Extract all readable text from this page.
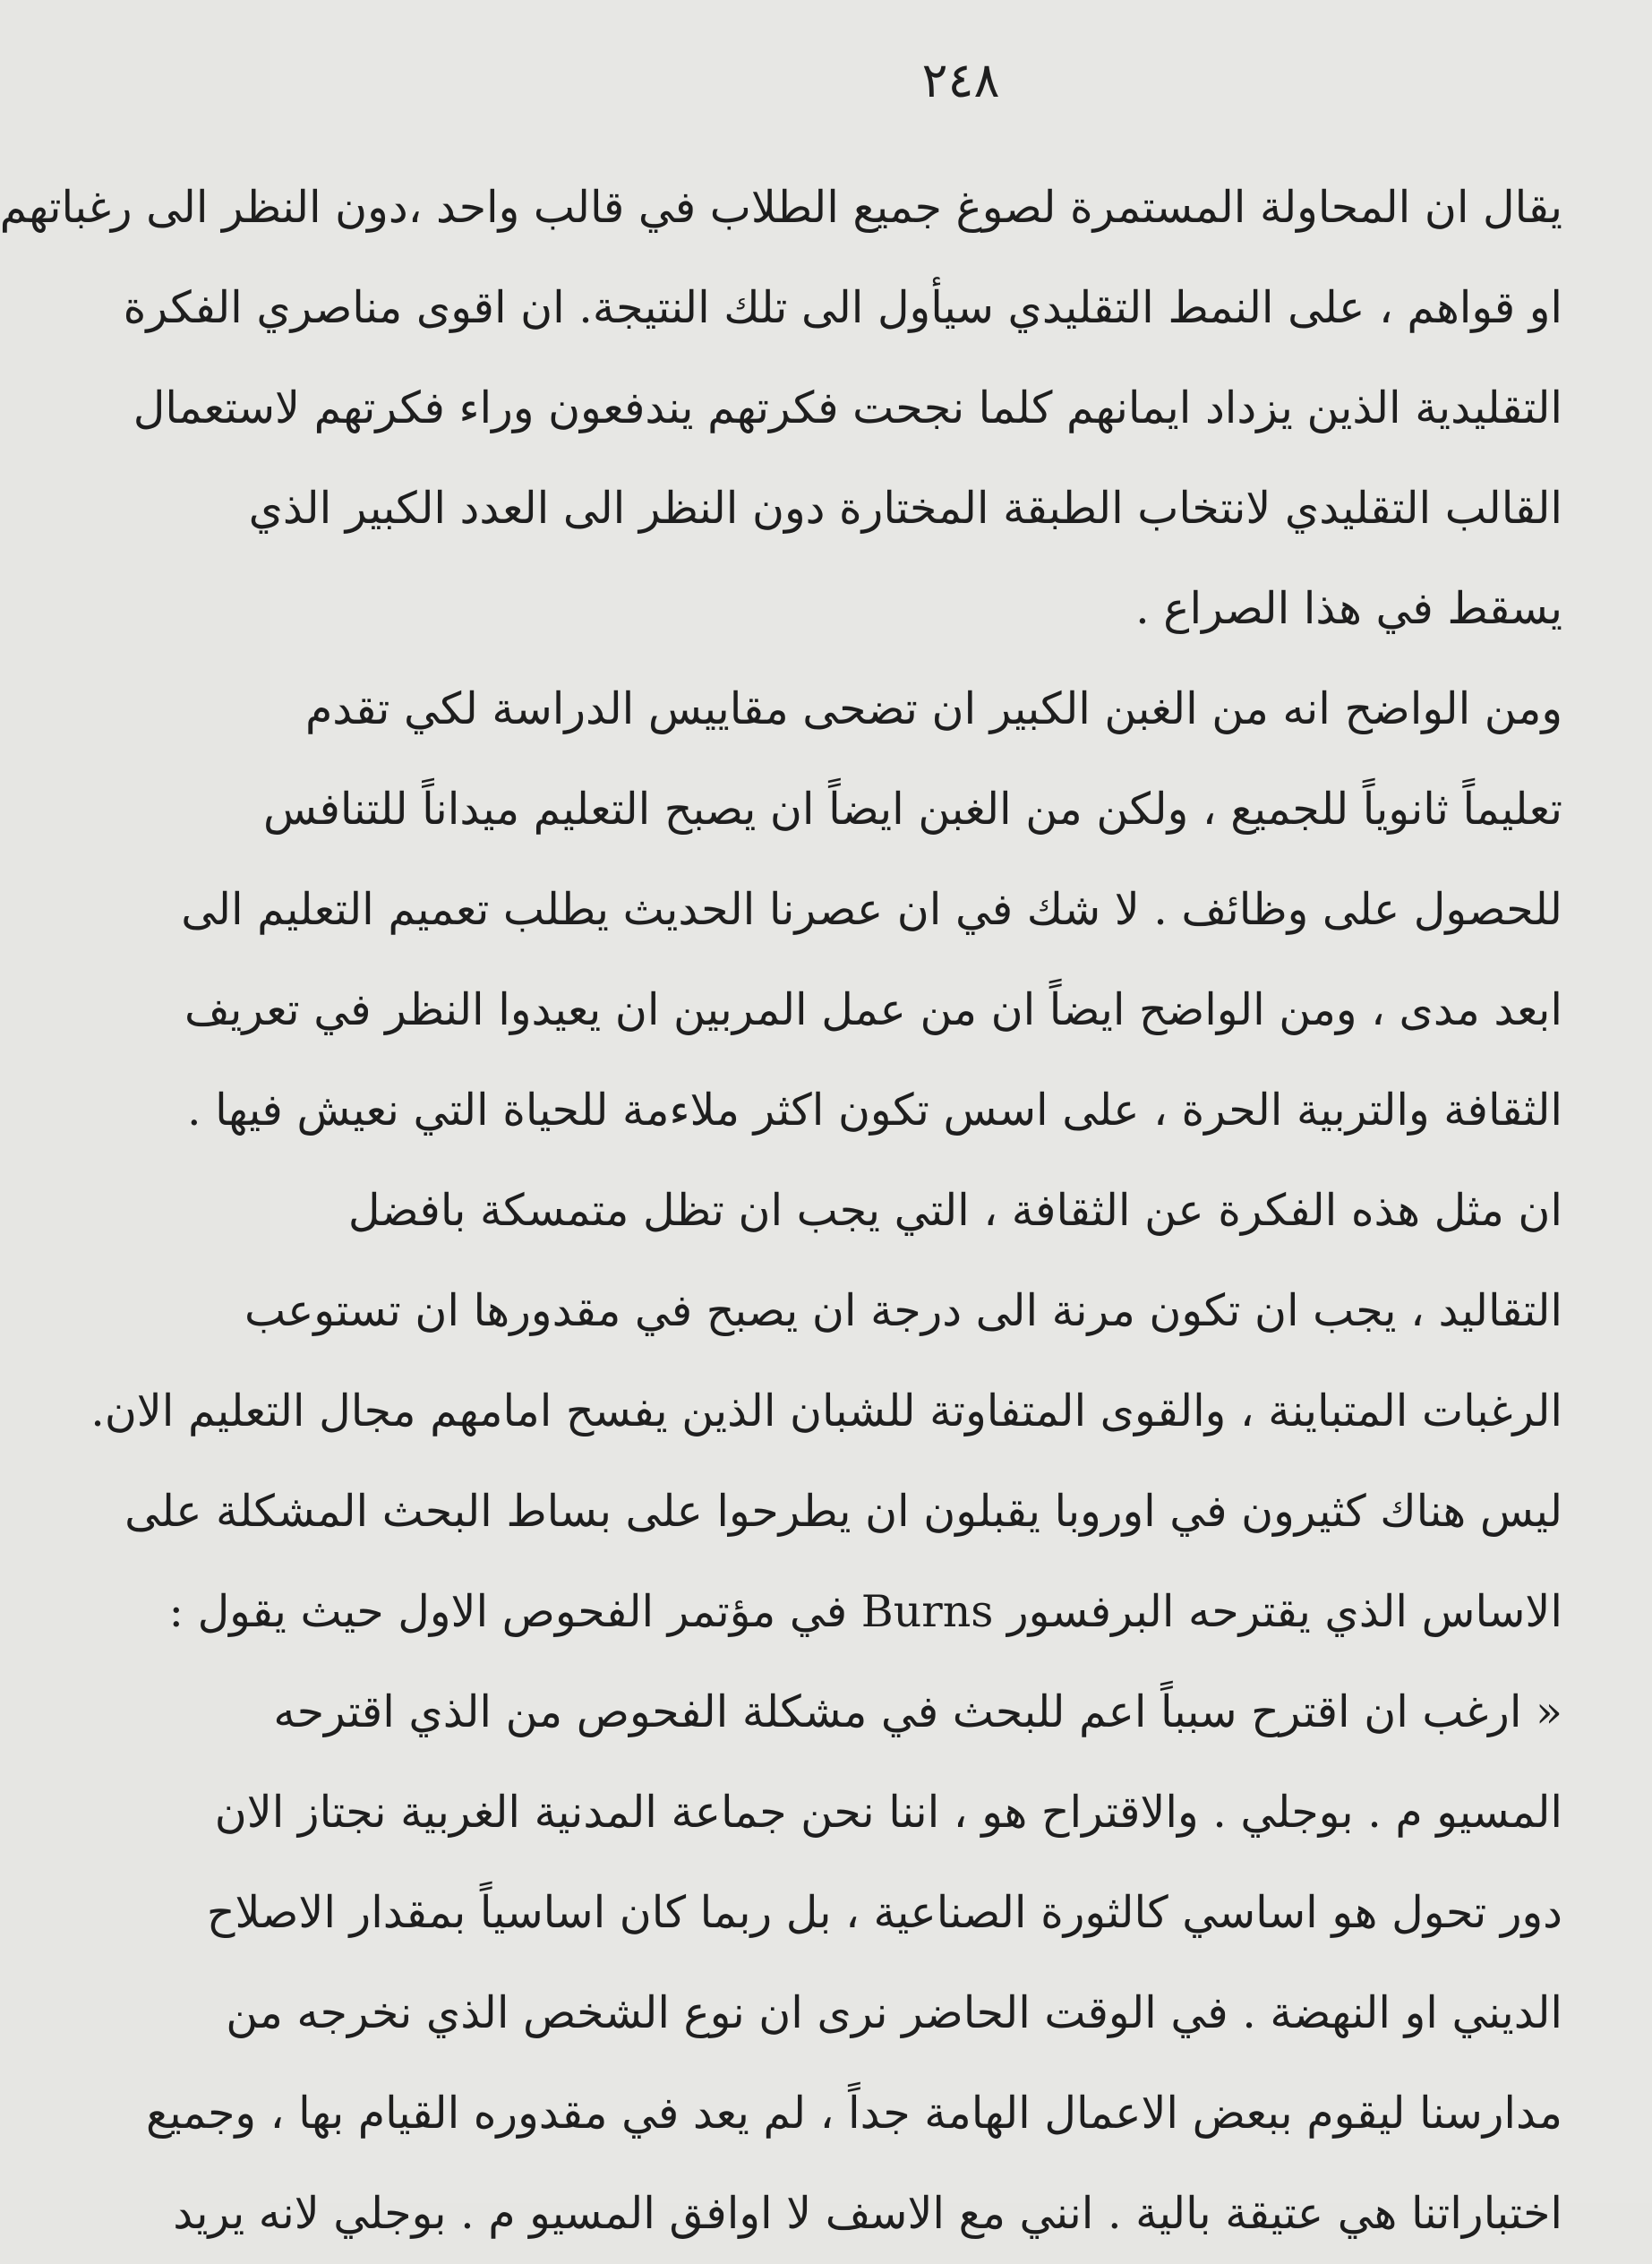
٢٤٨
يقال ان المحاولة المستمرة لصوغ جميع الطلاب في قالب واحد ،دون النظر الى رغباتهم
او قواهم ، على النمط التقليدي سيأول الى تلك النتيجة. ان اقوى مناصري الفكرة
التقليدية الذين يزداد ايمانهم كلما نجحت فكرتهم يندفعون وراء فكرتهم لاستعمال
القالب التقليدي لانتخاب الطبقة المختارة دون النظر الى العدد الكبير الذي
يسقط في هذا الصراع .
ومن الواضح انه من الغبن الكبير ان تضحى مقاييس الدراسة لكي تقدم
تعليماً ثانوياً للجميع ، ولكن من الغبن ايضاً ان يصبح التعليم ميداناً للتنافس
للحصول على وظائف . لا شك في ان عصرنا الحديث يطلب تعميم التعليم الى
ابعد مدى ، ومن الواضح ايضاً ان من عمل المربين ان يعيدوا النظر في تعريف
الثقافة والتربية الحرة ، على اسس تكون اكثر ملاءمة للحياة التي نعيش فيها .
ان مثل هذه الفكرة عن الثقافة ، التي يجب ان تظل متمسكة بافضل
التقاليد ، يجب ان تكون مرنة الى درجة ان يصبح في مقدورها ان تستوعب
الرغبات المتباينة ، والقوى المتفاوتة للشبان الذين يفسح امامهم مجال التعليم الان.
ليس هناك كثيرون في اوروبا يقبلون ان يطرحوا على بساط البحث المشكلة على
الاساس الذي يقترحه البرفسور Burns في مؤتمر الفحوص الاول حيث يقول :
« ارغب ان اقترح سبباً اعم للبحث في مشكلة الفحوص من الذي اقترحه
المسيو م . بوجلي . والاقتراح هو ، اننا نحن جماعة المدنية الغربية نجتاز الان
دور تحول هو اساسي كالثورة الصناعية ، بل ربما كان اساسياً بمقدار الاصلاح
الديني او النهضة . في الوقت الحاضر نرى ان نوع الشخص الذي نخرجه من
مدارسنا ليقوم ببعض الاعمال الهامة جداً ، لم يعد في مقدوره القيام بها ، وجميع
اختباراتنا هي عتيقة بالية . انني مع الاسف لا اوافق المسيو م . بوجلي لانه يريد
